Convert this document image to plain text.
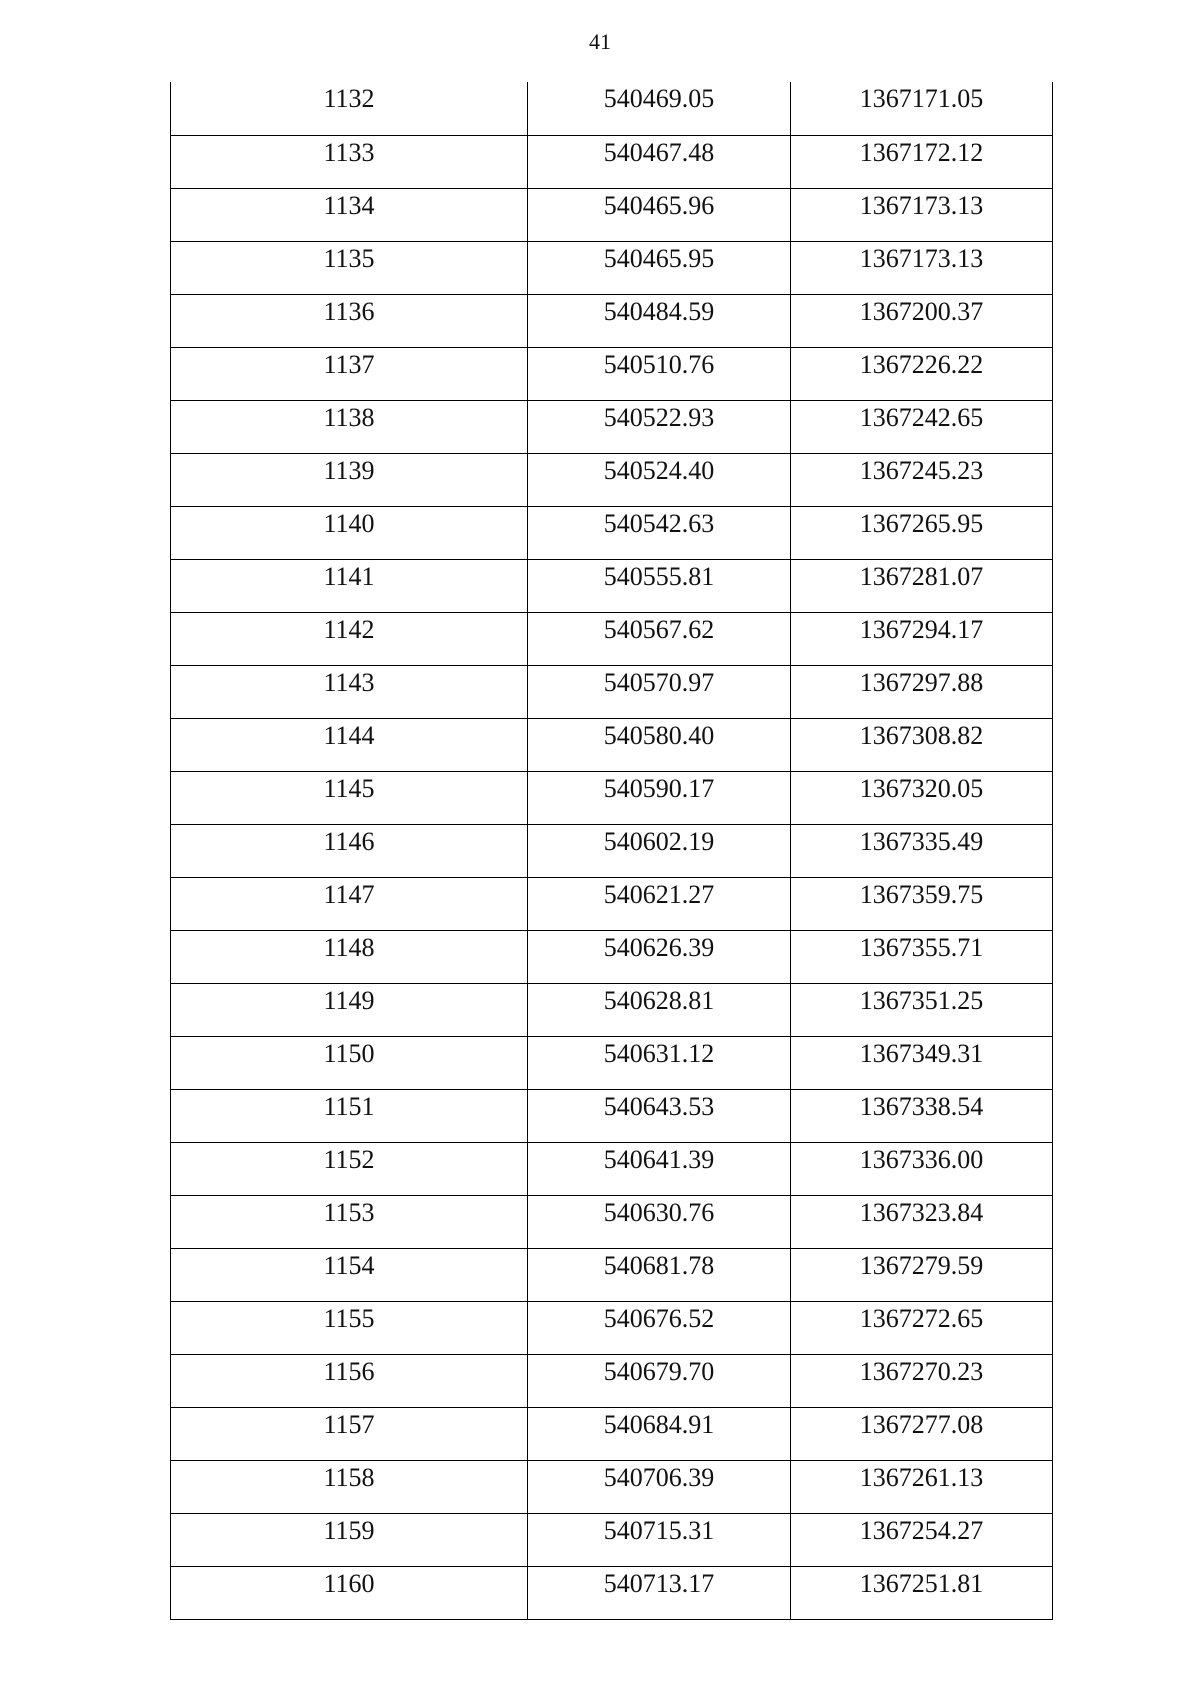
41
1132	540469.05	1367171.05
1133	540467.48	1367172.12
1134	540465.96	1367173.13
1135	540465.95	1367173.13
1136	540484.59	1367200.37
1137	540510.76	1367226.22
1138	540522.93	1367242.65
1139	540524.40	1367245.23
1140	540542.63	1367265.95
1141	540555.81	1367281.07
1142	540567.62	1367294.17
1143	540570.97	1367297.88
1144	540580.40	1367308.82
1145	540590.17	1367320.05
1146	540602.19	1367335.49
1147	540621.27	1367359.75
1148	540626.39	1367355.71
1149	540628.81	1367351.25
1150	540631.12	1367349.31
1151	540643.53	1367338.54
1152	540641.39	1367336.00
1153	540630.76	1367323.84
1154	540681.78	1367279.59
1155	540676.52	1367272.65
1156	540679.70	1367270.23
1157	540684.91	1367277.08
1158	540706.39	1367261.13
1159	540715.31	1367254.27
1160	540713.17	1367251.81
